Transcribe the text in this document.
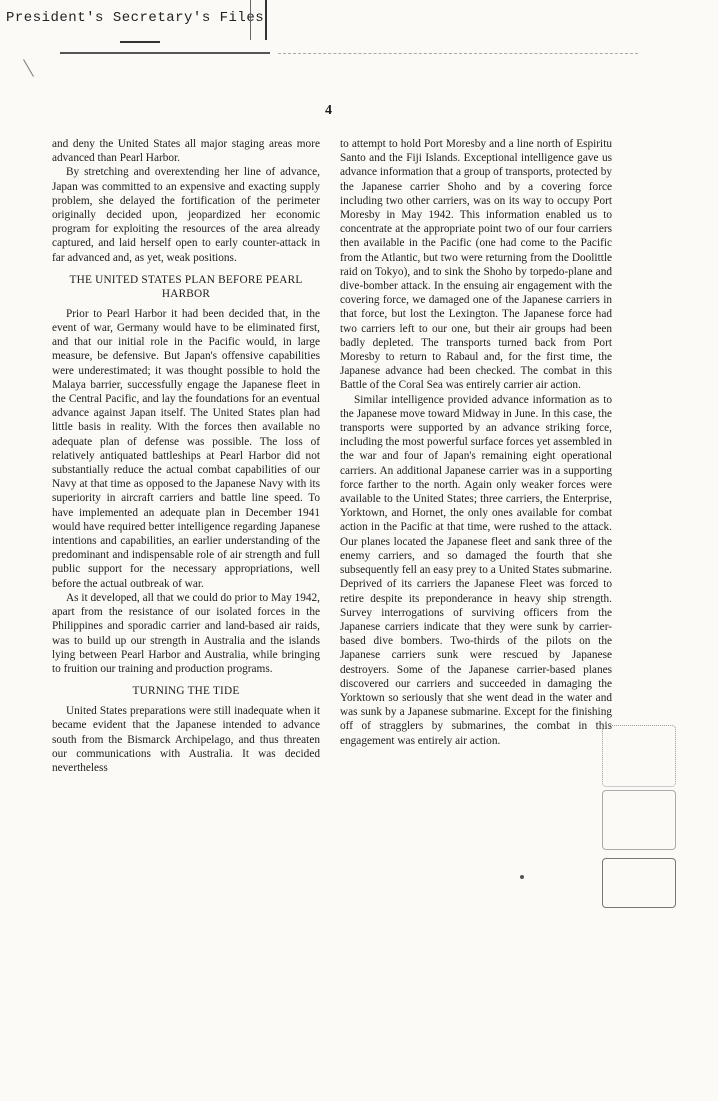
President's Secretary's Files
4

and deny the United States all major staging areas more advanced than Pearl Harbor.

By stretching and overextending her line of advance, Japan was committed to an expensive and exacting supply problem, she delayed the fortification of the perimeter originally decided upon, jeopardized her economic program for exploiting the resources of the area already captured, and laid herself open to early counter-attack in far advanced and, as yet, weak positions.

THE UNITED STATES PLAN BEFORE PEARL HARBOR

Prior to Pearl Harbor it had been decided that, in the event of war, Germany would have to be eliminated first, and that our initial role in the Pacific would, in large measure, be defensive. But Japan's offensive capabilities were underestimated; it was thought possible to hold the Malaya barrier, successfully engage the Japanese fleet in the Central Pacific, and lay the foundations for an eventual advance against Japan itself. The United States plan had little basis in reality. With the forces then available no adequate plan of defense was possible. The loss of relatively antiquated battleships at Pearl Harbor did not substantially reduce the actual combat capabilities of our Navy at that time as opposed to the Japanese Navy with its superiority in aircraft carriers and battle line speed. To have implemented an adequate plan in December 1941 would have required better intelligence regarding Japanese intentions and capabilities, an earlier understanding of the predominant and indispensable role of air strength and full public support for the necessary appropriations, well before the actual outbreak of war.

As it developed, all that we could do prior to May 1942, apart from the resistance of our isolated forces in the Philippines and sporadic carrier and land-based air raids, was to build up our strength in Australia and the islands lying between Pearl Harbor and Australia, while bringing to fruition our training and production programs.

TURNING THE TIDE

United States preparations were still inadequate when it became evident that the Japanese intended to advance south from the Bismarck Archipelago, and thus threaten our communications with Australia. It was decided nevertheless

to attempt to hold Port Moresby and a line north of Espiritu Santo and the Fiji Islands. Exceptional intelligence gave us advance information that a group of transports, protected by the Japanese carrier Shoho and by a covering force including two other carriers, was on its way to occupy Port Moresby in May 1942. This information enabled us to concentrate at the appropriate point two of our four carriers then available in the Pacific (one had come to the Pacific from the Atlantic, but two were returning from the Doolittle raid on Tokyo), and to sink the Shoho by torpedo-plane and dive-bomber attack. In the ensuing air engagement with the covering force, we damaged one of the Japanese carriers in that force, but lost the Lexington. The Japanese force had two carriers left to our one, but their air groups had been badly depleted. The transports turned back from Port Moresby to return to Rabaul and, for the first time, the Japanese advance had been checked. The combat in this Battle of the Coral Sea was entirely carrier air action.

Similar intelligence provided advance information as to the Japanese move toward Midway in June. In this case, the transports were supported by an advance striking force, including the most powerful surface forces yet assembled in the war and four of Japan's remaining eight operational carriers. An additional Japanese carrier was in a supporting force farther to the north. Again only weaker forces were available to the United States; three carriers, the Enterprise, Yorktown, and Hornet, the only ones available for combat action in the Pacific at that time, were rushed to the attack. Our planes located the Japanese fleet and sank three of the enemy carriers, and so damaged the fourth that she subsequently fell an easy prey to a United States submarine. Deprived of its carriers the Japanese Fleet was forced to retire despite its preponderance in heavy ship strength. Survey interrogations of surviving officers from the Japanese carriers indicate that they were sunk by carrier-based dive bombers. Two-thirds of the pilots on the Japanese carriers sunk were rescued by Japanese destroyers. Some of the Japanese carrier-based planes discovered our carriers and succeeded in damaging the Yorktown so seriously that she went dead in the water and was sunk by a Japanese submarine. Except for the finishing off of stragglers by submarines, the combat in this engagement was entirely air action.
